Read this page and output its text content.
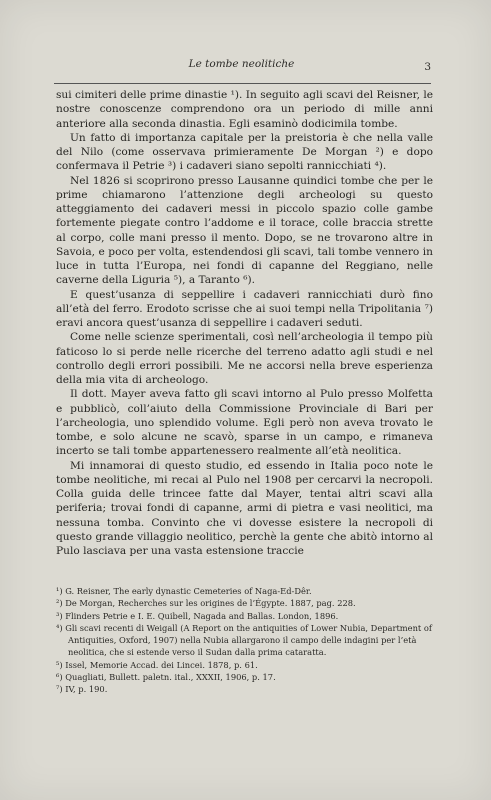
Le tombe neolitiche	3

sui cimiteri delle prime dinastie ¹). In seguito agli scavi del Reisner, le nostre conoscenze comprendono ora un periodo di mille anni anteriore alla seconda dinastia. Egli esaminò dodicimila tombe.

Un fatto di importanza capitale per la preistoria è che nella valle del Nilo (come osservava primieramente De Morgan ²) e dopo confermava il Petrie ³) i cadaveri siano sepolti rannicchiati ⁴).

Nel 1826 si scoprirono presso Lausanne quindici tombe che per le prime chiamarono l’attenzione degli archeologi su questo atteggiamento dei cadaveri messi in piccolo spazio colle gambe fortemente piegate contro l’addome e il torace, colle braccia strette al corpo, colle mani presso il mento. Dopo, se ne trovarono altre in Savoia, e poco per volta, estendendosi gli scavi, tali tombe vennero in luce in tutta l’Europa, nei fondi di capanne del Reggiano, nelle caverne della Liguria ⁵), a Taranto ⁶).

E quest’usanza di seppellire i cadaveri rannicchiati durò fino all’età del ferro. Erodoto scrisse che ai suoi tempi nella Tripolitania ⁷) eravi ancora quest’usanza di seppellire i cadaveri seduti.

Come nelle scienze sperimentali, così nell’archeologia il tempo più faticoso lo si perde nelle ricerche del terreno adatto agli studi e nel controllo degli errori possibili. Me ne accorsi nella breve esperienza della mia vita di archeologo.

Il dott. Mayer aveva fatto gli scavi intorno al Pulo presso Molfetta e pubblicò, coll’aiuto della Commissione Provinciale di Bari per l’archeologia, uno splendido volume. Egli però non aveva trovato le tombe, e solo alcune ne scavò, sparse in un campo, e rimaneva incerto se tali tombe appartenessero realmente all’età neolitica.

Mi innamorai di questo studio, ed essendo in Italia poco note le tombe neolitiche, mi recai al Pulo nel 1908 per cercarvi la necropoli. Colla guida delle trincee fatte dal Mayer, tentai altri scavi alla periferia; trovai fondi di capanne, armi di pietra e vasi neolitici, ma nessuna tomba. Convinto che vi dovesse esistere la necropoli di questo grande villaggio neolitico, perchè la gente che abitò intorno al Pulo lasciava per una vasta estensione traccie

¹) G. Reisner, The early dynastic Cemeteries of Naga-Ed-Dêr.
²) De Morgan, Recherches sur les origines de l’Égypte. 1887, pag. 228.
³) Flinders Petrie e I. E. Quibell, Nagada and Ballas. London, 1896.
⁴) Gli scavi recenti di Weigall (A Report on the antiquities of Lower Nubia, Department of Antiquities, Oxford, 1907) nella Nubia allargarono il campo delle indagini per l’età neolitica, che si estende verso il Sudan dalla prima cataratta.
⁵) Issel, Memorie Accad. dei Lincei. 1878, p. 61.
⁶) Quagliati, Bullett. paletn. ital., XXXII, 1906, p. 17.
⁷) IV, p. 190.
